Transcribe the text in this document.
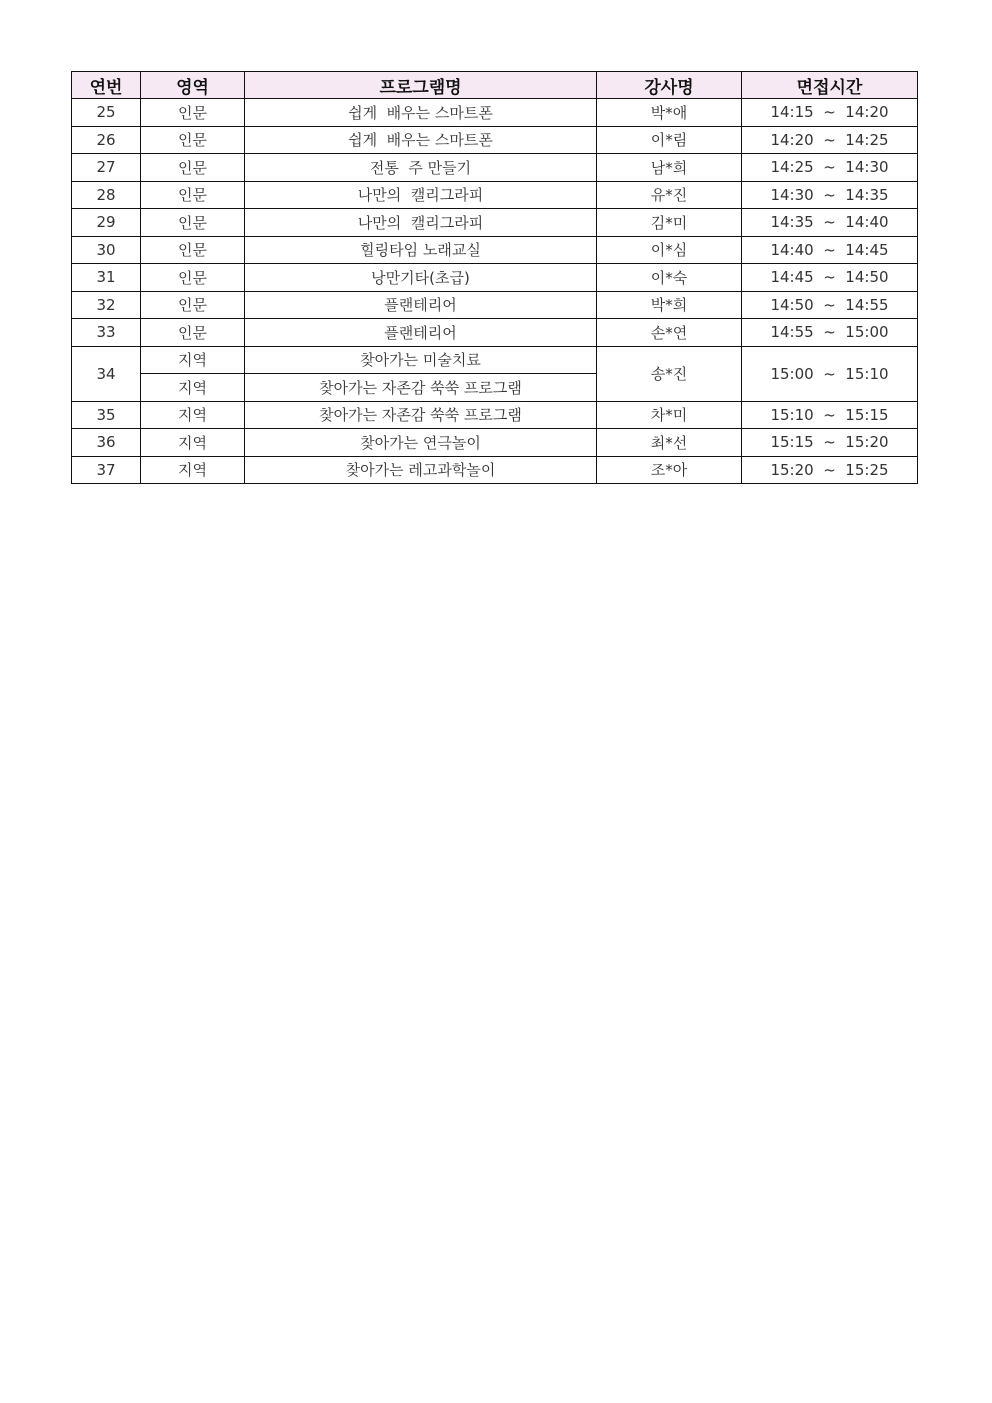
연번	영역	프로그램명	강사명	면접시간
25	인문	쉽게  배우는 스마트폰	박*애	14:15  ~  14:20
26	인문	쉽게  배우는 스마트폰	이*림	14:20  ~  14:25
27	인문	전통  주 만들기	남*희	14:25  ~  14:30
28	인문	나만의  캘리그라피	유*진	14:30  ~  14:35
29	인문	나만의  캘리그라피	김*미	14:35  ~  14:40
30	인문	힐링타임 노래교실	이*심	14:40  ~  14:45
31	인문	낭만기타(초급)	이*숙	14:45  ~  14:50
32	인문	플랜테리어	박*희	14:50  ~  14:55
33	인문	플랜테리어	손*연	14:55  ~  15:00
34	지역	찾아가는 미술치료	송*진	15:00  ~  15:10
	지역	찾아가는 자존감 쑥쑥 프로그램		
35	지역	찾아가는 자존감 쑥쑥 프로그램	차*미	15:10  ~  15:15
36	지역	찾아가는 연극놀이	최*선	15:15  ~  15:20
37	지역	찾아가는 레고과학놀이	조*아	15:20  ~  15:25
